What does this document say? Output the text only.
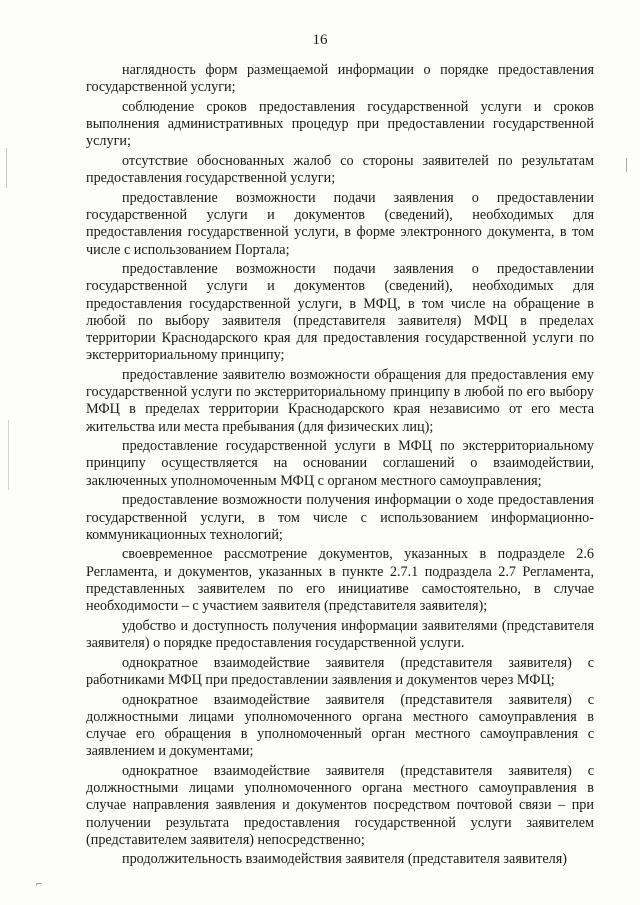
16

наглядность форм размещаемой информации о порядке предоставления государственной услуги;

соблюдение сроков предоставления государственной услуги и сроков выполнения административных процедур при предоставлении государственной услуги;

отсутствие обоснованных жалоб со стороны заявителей по результатам предоставления государственной услуги;

предоставление возможности подачи заявления о предоставлении государственной услуги и документов (сведений), необходимых для предоставления государственной услуги, в форме электронного документа, в том числе с использованием Портала;

предоставление возможности подачи заявления о предоставлении государственной услуги и документов (сведений), необходимых для предоставления государственной услуги, в МФЦ, в том числе на обращение в любой по выбору заявителя (представителя заявителя) МФЦ в пределах территории Краснодарского края для предоставления государственной услуги по экстерриториальному принципу;

предоставление заявителю возможности обращения для предоставления ему государственной услуги по экстерриториальному принципу в любой по его выбору МФЦ в пределах территории Краснодарского края независимо от его места жительства или места пребывания (для физических лиц);

предоставление государственной услуги в МФЦ по экстерриториальному принципу осуществляется на основании соглашений о взаимодействии, заключенных уполномоченным МФЦ с органом местного самоуправления;

предоставление возможности получения информации о ходе предоставления государственной услуги, в том числе с использованием информационно-коммуникационных технологий;

своевременное рассмотрение документов, указанных в подразделе 2.6 Регламента, и документов, указанных в пункте 2.7.1 подраздела 2.7 Регламента, представленных заявителем по его инициативе самостоятельно, в случае необходимости – с участием заявителя (представителя заявителя);

удобство и доступность получения информации заявителями (представителя заявителя) о порядке предоставления государственной услуги.

однократное взаимодействие заявителя (представителя заявителя) с работниками МФЦ при предоставлении заявления и документов через МФЦ;

однократное взаимодействие заявителя (представителя заявителя) с должностными лицами уполномоченного органа местного самоуправления в случае его обращения в уполномоченный орган местного самоуправления с заявлением и документами;

однократное взаимодействие заявителя (представителя заявителя) с должностными лицами уполномоченного органа местного самоуправления в случае направления заявления и документов посредством почтовой связи – при получении результата предоставления государственной услуги заявителем (представителем заявителя) непосредственно;

продолжительность взаимодействия заявителя (представителя заявителя)

⌐
